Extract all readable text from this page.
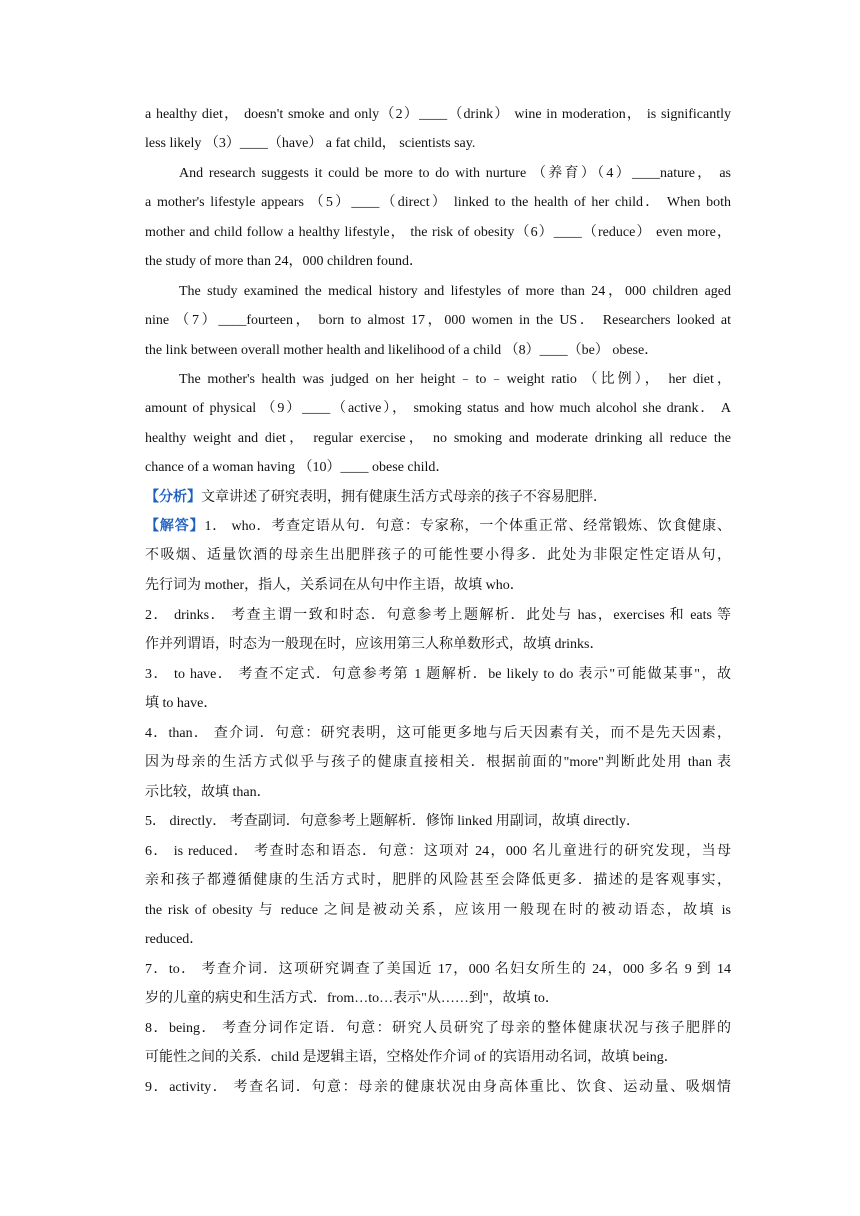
a healthy diet， doesn't smoke and only（2）____（drink） wine in moderation， is significantly
less likely （3）____（have） a fat child， scientists say.
And research suggests it could be more to do with nurture （养育）（4）____nature， as
a mother's lifestyle appears （5）____（direct） linked to the health of her child． When both
mother and child follow a healthy lifestyle， the risk of obesity（6）____（reduce） even more，
the study of more than 24，000 children found．
The study examined the medical history and lifestyles of more than 24，000 children aged
nine （7）____fourteen， born to almost 17，000 women in the US． Researchers looked at
the link between overall mother health and likelihood of a child （8）____（be） obese．
The mother's health was judged on her height﹣to﹣weight ratio （比例）， her diet，
amount of physical （9）____（active）， smoking status and how much alcohol she drank． A
healthy weight and diet， regular exercise， no smoking and moderate drinking all reduce the
chance of a woman having （10）____ obese child．
【分析】文章讲述了研究表明，拥有健康生活方式母亲的孩子不容易肥胖．
【解答】1． who．考查定语从句．句意：专家称，一个体重正常、经常锻炼、饮食健康、
不吸烟、适量饮酒的母亲生出肥胖孩子的可能性要小得多．此处为非限定性定语从句，
先行词为 mother，指人，关系词在从句中作主语，故填 who．
2． drinks． 考查主谓一致和时态．句意参考上题解析．此处与 has，exercises 和 eats 等
作并列谓语，时态为一般现在时，应该用第三人称单数形式，故填 drinks．
3． to have． 考查不定式．句意参考第 1 题解析．be likely to do 表示"可能做某事"，故
填 to have．
4．than． 查介词．句意：研究表明，这可能更多地与后天因素有关，而不是先天因素，
因为母亲的生活方式似乎与孩子的健康直接相关．根据前面的"more"判断此处用 than 表
示比较，故填 than．
5． directly． 考查副词．句意参考上题解析．修饰 linked 用副词，故填 directly．
6． is reduced． 考查时态和语态．句意：这项对 24，000 名儿童进行的研究发现，当母
亲和孩子都遵循健康的生活方式时，肥胖的风险甚至会降低更多．描述的是客观事实，
the risk of obesity 与 reduce 之间是被动关系，应该用一般现在时的被动语态，故填 is
reduced．
7．to． 考查介词．这项研究调查了美国近 17，000 名妇女所生的 24，000 多名 9 到 14
岁的儿童的病史和生活方式．from…to…表示"从……到"，故填 to．
8．being． 考查分词作定语．句意：研究人员研究了母亲的整体健康状况与孩子肥胖的
可能性之间的关系．child 是逻辑主语，空格处作介词 of 的宾语用动名词，故填 being．
9．activity． 考查名词．句意：母亲的健康状况由身高体重比、饮食、运动量、吸烟情
